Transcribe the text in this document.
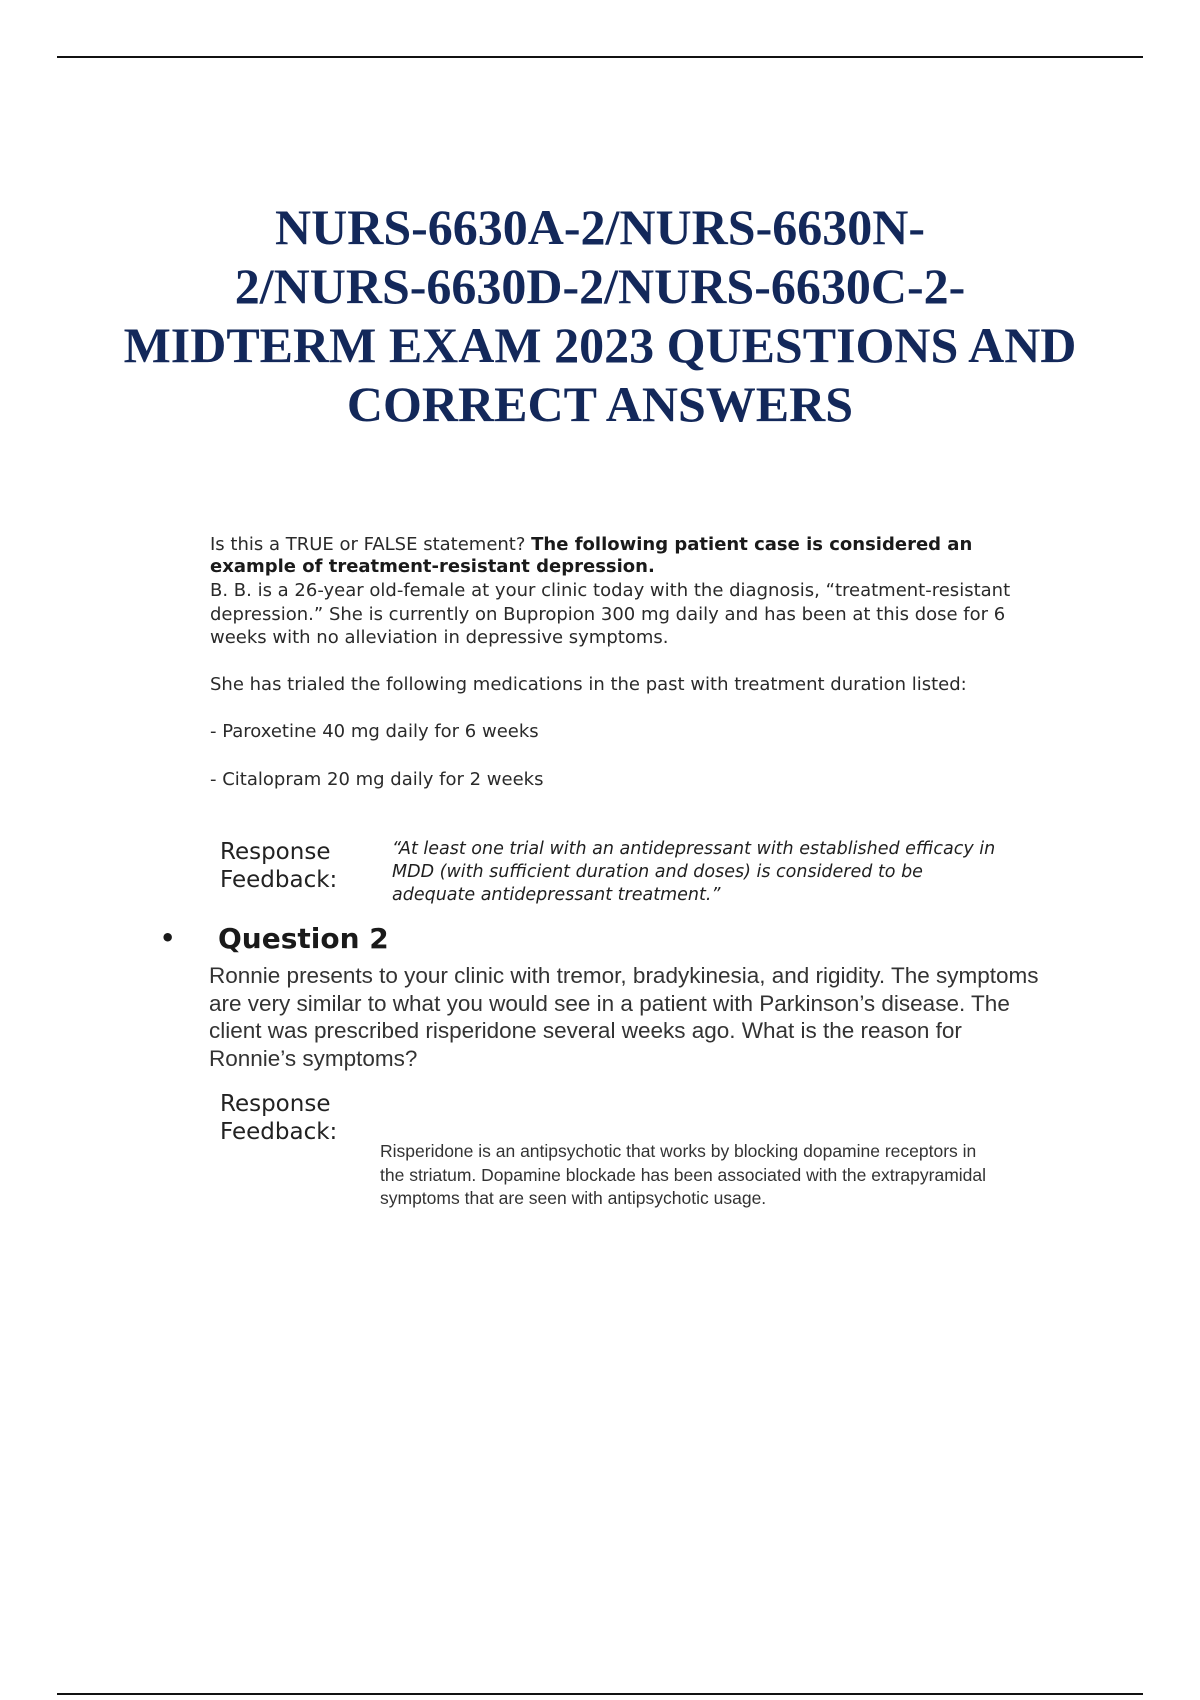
NURS-6630A-2/NURS-6630N-
2/NURS-6630D-2/NURS-6630C-2-
MIDTERM EXAM 2023 QUESTIONS AND
CORRECT ANSWERS
Is this a TRUE or FALSE statement? The following patient case is considered an
example of treatment-resistant depression.
B. B. is a 26-year old-female at your clinic today with the diagnosis, “treatment-resistant
depression.” She is currently on Bupropion 300 mg daily and has been at this dose for 6
weeks with no alleviation in depressive symptoms.
She has trialed the following medications in the past with treatment duration listed:
- Paroxetine 40 mg daily for 6 weeks
- Citalopram 20 mg daily for 2 weeks
Response
Feedback:
“At least one trial with an antidepressant with established efficacy in
MDD (with sufficient duration and doses) is considered to be
adequate antidepressant treatment.”
• Question 2
Ronnie presents to your clinic with tremor, bradykinesia, and rigidity. The symptoms
are very similar to what you would see in a patient with Parkinson’s disease. The
client was prescribed risperidone several weeks ago. What is the reason for
Ronnie’s symptoms?
Response
Feedback:
Risperidone is an antipsychotic that works by blocking dopamine receptors in
the striatum. Dopamine blockade has been associated with the extrapyramidal
symptoms that are seen with antipsychotic usage.
